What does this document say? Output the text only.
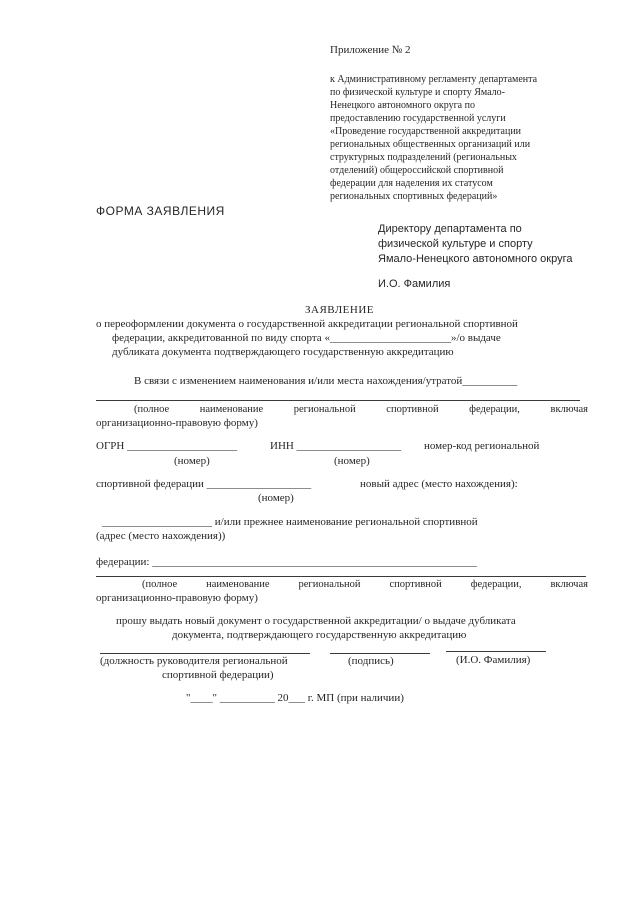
Приложение № 2
к Административному регламенту департамента
по физической культуре и спорту Ямало-
Ненецкого автономного округа по
предоставлению государственной услуги
«Проведение государственной аккредитации
региональных общественных организаций или
структурных подразделений (региональных
отделений) общероссийской спортивной
федерации для наделения их статусом
региональных спортивных федераций»
ФОРМА ЗАЯВЛЕНИЯ
Директору департамента по
физической культуре и спорту
Ямало-Ненецкого автономного округа
И.О. Фамилия
ЗАЯВЛЕНИЕ
о переоформлении документа о государственной аккредитации региональной спортивной
федерации, аккредитованной по виду спорта «______________________»/о выдаче
дубликата документа подтверждающего государственную аккредитацию
В связи с изменением наименования и/или места нахождения/утратой__________
(полное	наименование	региональной	спортивной	федерации,	включая
организационно-правовую форму)
ОГРН ____________________	ИНН ___________________ номер-код региональной
(номер)	(номер)
спортивной федерации ___________________	новый адрес (место нахождения):
(номер)
____________________ и/или прежнее наименование региональной спортивной
(адрес (место нахождения))
федерации: ___________________________________________________________
(полное	наименование	региональной	спортивной	федерации,	включая
организационно-правовую форму)
прошу выдать новый документ о государственной аккредитации/ о выдаче дубликата
документа, подтверждающего государственную аккредитацию
(должность руководителя региональной	(подпись)	(И.О. Фамилия)
спортивной федерации)
"____" __________ 20___ г. МП (при наличии)
